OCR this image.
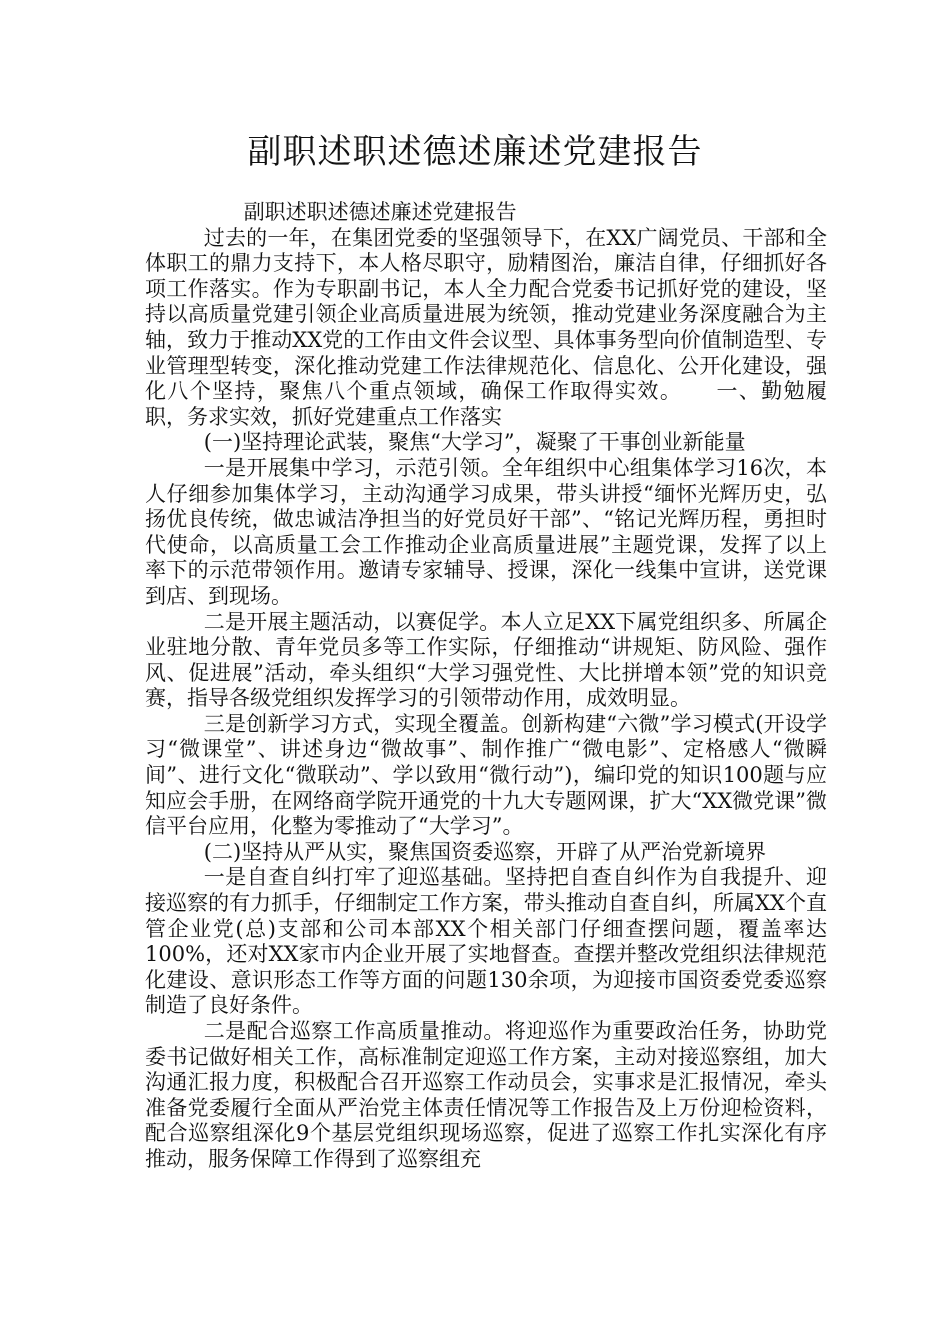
副职述职述德述廉述党建报告

副职述职述德述廉述党建报告

过去的一年，在集团党委的坚强领导下，在XX广阔党员、干部和全体职工的鼎力支持下，本人格尽职守，励精图治，廉洁自律，仔细抓好各项工作落实。作为专职副书记，本人全力配合党委书记抓好党的建设，坚持以高质量党建引领企业高质量进展为统领，推动党建业务深度融合为主轴，致力于推动XX党的工作由文件会议型、具体事务型向价值制造型、专业管理型转变，深化推动党建工作法律规范化、信息化、公开化建设，强化八个坚持，聚焦八个重点领域，确保工作取得实效。　　一、勤勉履职，务求实效，抓好党建重点工作落实

(一)坚持理论武装，聚焦“大学习”，凝聚了干事创业新能量

一是开展集中学习，示范引领。全年组织中心组集体学习16次，本人仔细参加集体学习，主动沟通学习成果，带头讲授“缅怀光辉历史，弘扬优良传统，做忠诚洁净担当的好党员好干部”、“铭记光辉历程，勇担时代使命，以高质量工会工作推动企业高质量进展”主题党课，发挥了以上率下的示范带领作用。邀请专家辅导、授课，深化一线集中宣讲，送党课到店、到现场。

二是开展主题活动，以赛促学。本人立足XX下属党组织多、所属企业驻地分散、青年党员多等工作实际，仔细推动“讲规矩、防风险、强作风、促进展”活动，牵头组织“大学习强党性、大比拼增本领”党的知识竞赛，指导各级党组织发挥学习的引领带动作用，成效明显。

三是创新学习方式，实现全覆盖。创新构建“六微”学习模式(开设学习“微课堂”、讲述身边“微故事”、制作推广“微电影”、定格感人“微瞬间”、进行文化“微联动”、学以致用“微行动”)，编印党的知识100题与应知应会手册，在网络商学院开通党的十九大专题网课，扩大“XX微党课”微信平台应用，化整为零推动了“大学习”。

(二)坚持从严从实，聚焦国资委巡察，开辟了从严治党新境界

一是自查自纠打牢了迎巡基础。坚持把自查自纠作为自我提升、迎接巡察的有力抓手，仔细制定工作方案，带头推动自查自纠，所属XX个直管企业党(总)支部和公司本部XX个相关部门仔细查摆问题，覆盖率达100%，还对XX家市内企业开展了实地督查。查摆并整改党组织法律规范化建设、意识形态工作等方面的问题130余项，为迎接市国资委党委巡察制造了良好条件。

二是配合巡察工作高质量推动。将迎巡作为重要政治任务，协助党委书记做好相关工作，高标准制定迎巡工作方案，主动对接巡察组，加大沟通汇报力度，积极配合召开巡察工作动员会，实事求是汇报情况，牵头准备党委履行全面从严治党主体责任情况等工作报告及上万份迎检资料，配合巡察组深化9个基层党组织现场巡察，促进了巡察工作扎实深化有序推动，服务保障工作得到了巡察组充
